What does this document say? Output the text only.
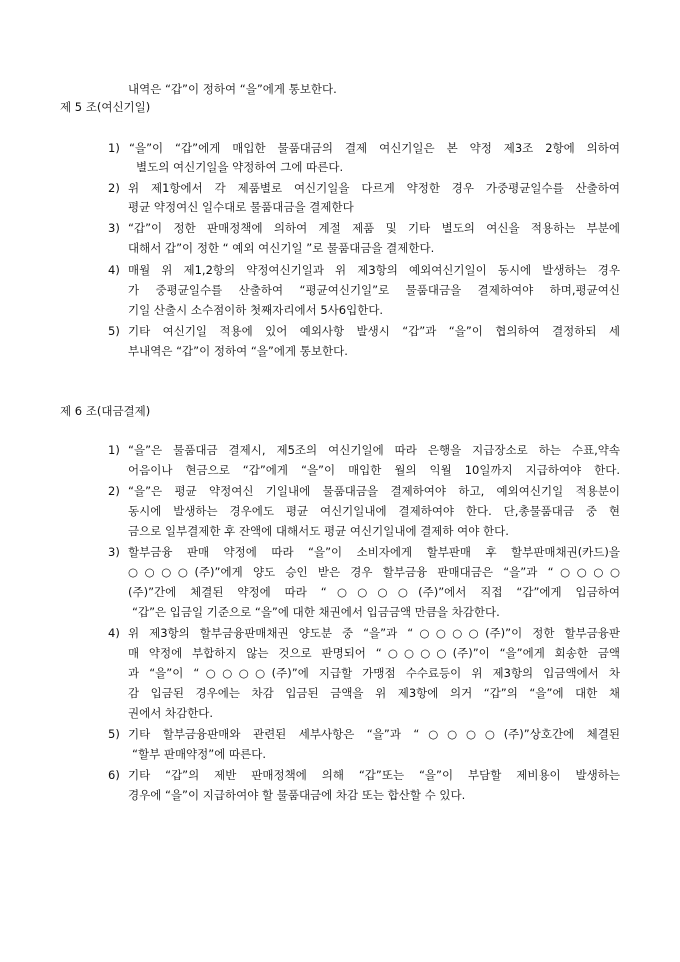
내역은 “갑”이 정하여 “을”에게 통보한다.
제 5 조(여신기일)
1) “을”이 “갑”에게 매입한 물품대금의 결제 여신기일은 본 약정 제3조 2항에 의하여
별도의 여신기일을 약정하여 그에 따른다.
2) 위 제1항에서 각 제품별로 여신기일을 다르게 약정한 경우 가중평균일수를 산출하여
평균 약정여신 일수대로 물품대금을 결제한다
3) “갑”이 정한 판매정책에 의하여 계절 제품 및 기타 별도의 여신을 적용하는 부분에
대해서 갑”이 정한 “ 예외 여신기일 ”로 물품대금을 결제한다.
4) 매월 위 제1,2항의 약정여신기일과 위 제3항의 예외여신기일이 동시에 발생하는 경우
가 중평균일수를 산출하여 “평균여신기일”로 물품대금을 결제하여야 하며,평균여신
기일 산출시 소수점이하 첫째자리에서 5사6입한다.
5) 기타 여신기일 적용에 있어 예외사항 발생시 “갑”과 “을”이 협의하여 결정하되 세
부내역은 “갑”이 정하여 “을”에게 통보한다.
제 6 조(대금결제)
1) “을”은 물품대금 결제시, 제5조의 여신기일에 따라 은행을 지급장소로 하는 수표,약속
어음이나 현금으로 “갑”에게 “을”이 매입한 월의 익월 10일까지 지급하여야 한다.
2) “을”은 평균 약정여신 기일내에 물품대금을 결제하여야 하고, 예외여신기일 적용분이
동시에 발생하는 경우에도 평균 여신기일내에 결제하여야 한다. 단,총물품대금 중 현
금으로 일부결제한 후 잔액에 대해서도 평균 여신기일내에 결제하 여야 한다.
3) 할부금융 판매 약정에 따라 “을”이 소비자에게 할부판매 후 할부판매채권(카드)을
○○○○(주)”에게 양도 승인 받은 경우 할부금융 판매대금은 “을”과 “○○○○
(주)”간에 체결된 약정에 따라 “○○○○(주)”에서 직접 “갑”에게 입금하여
“갑”은 입금일 기준으로 “을”에 대한 채권에서 입금금액 만큼을 차감한다.
4) 위 제3항의 할부금융판매채권 양도분 중 “을”과 “○○○○(주)”이 정한 할부금융판
매 약정에 부합하지 않는 것으로 판명되어 “○○○○(주)”이 “을”에게 회송한 금액
과 “을”이 “○○○○(주)”에 지급할 가맹점 수수료등이 위 제3항의 입금액에서 차
감 입금된 경우에는 차감 입금된 금액을 위 제3항에 의거 “갑”의 “을”에 대한 채
권에서 차감한다.
5) 기타 할부금융판매와 관련된 세부사항은 “을”과 “○○○○(주)”상호간에 체결된
“할부 판매약정”에 따른다.
6) 기타 “갑”의 제반 판매정책에 의해 “갑”또는 “을”이 부담할 제비용이 발생하는
경우에 “을”이 지급하여야 할 물품대금에 차감 또는 합산할 수 있다.
